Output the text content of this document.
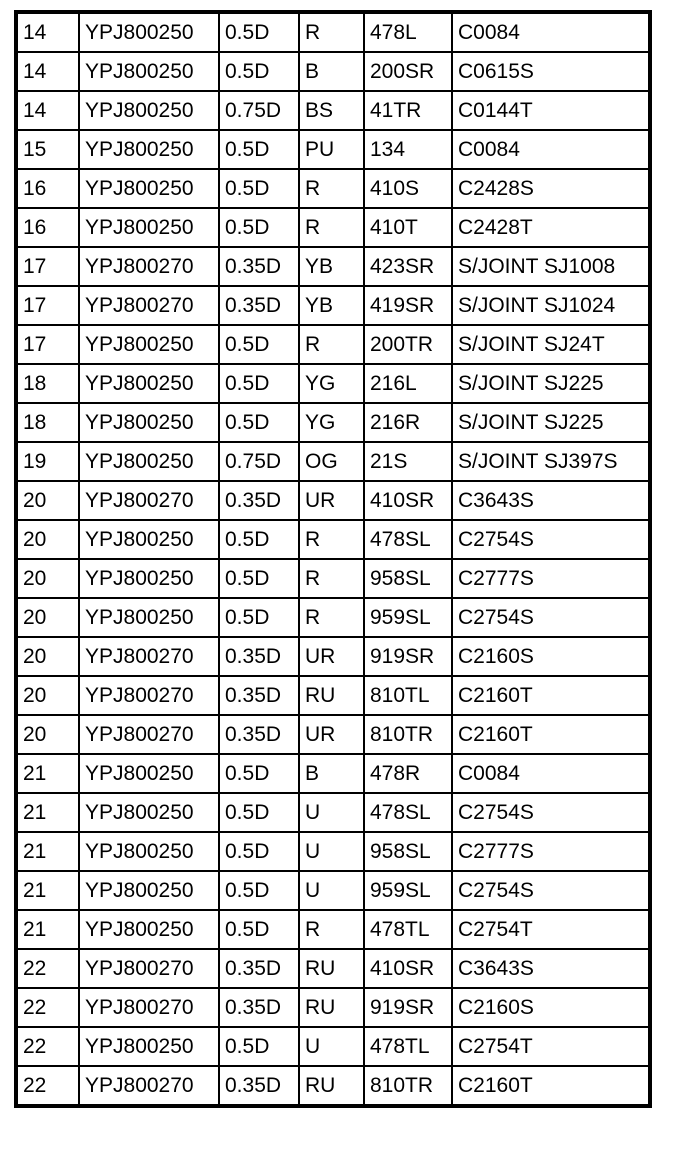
14	YPJ800250	0.5D	R	478L	C0084
14	YPJ800250	0.5D	B	200SR	C0615S
14	YPJ800250	0.75D	BS	41TR	C0144T
15	YPJ800250	0.5D	PU	134	C0084
16	YPJ800250	0.5D	R	410S	C2428S
16	YPJ800250	0.5D	R	410T	C2428T
17	YPJ800270	0.35D	YB	423SR	S/JOINT SJ1008
17	YPJ800270	0.35D	YB	419SR	S/JOINT SJ1024
17	YPJ800250	0.5D	R	200TR	S/JOINT SJ24T
18	YPJ800250	0.5D	YG	216L	S/JOINT SJ225
18	YPJ800250	0.5D	YG	216R	S/JOINT SJ225
19	YPJ800250	0.75D	OG	21S	S/JOINT SJ397S
20	YPJ800270	0.35D	UR	410SR	C3643S
20	YPJ800250	0.5D	R	478SL	C2754S
20	YPJ800250	0.5D	R	958SL	C2777S
20	YPJ800250	0.5D	R	959SL	C2754S
20	YPJ800270	0.35D	UR	919SR	C2160S
20	YPJ800270	0.35D	RU	810TL	C2160T
20	YPJ800270	0.35D	UR	810TR	C2160T
21	YPJ800250	0.5D	B	478R	C0084
21	YPJ800250	0.5D	U	478SL	C2754S
21	YPJ800250	0.5D	U	958SL	C2777S
21	YPJ800250	0.5D	U	959SL	C2754S
21	YPJ800250	0.5D	R	478TL	C2754T
22	YPJ800270	0.35D	RU	410SR	C3643S
22	YPJ800270	0.35D	RU	919SR	C2160S
22	YPJ800250	0.5D	U	478TL	C2754T
22	YPJ800270	0.35D	RU	810TR	C2160T
